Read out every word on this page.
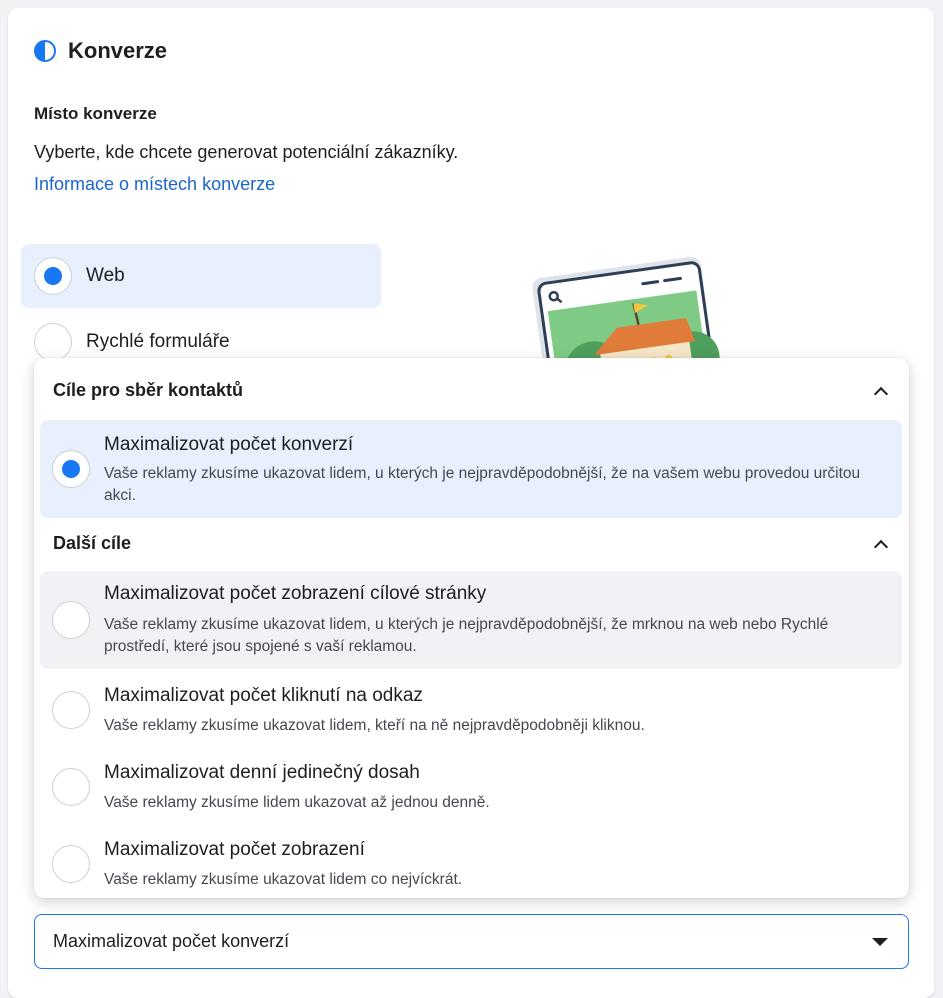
Konverze
Místo konverze
Vyberte, kde chcete generovat potenciální zákazníky.
Informace o místech konverze
Web
Rychlé formuláře
Cíle pro sběr kontaktů
Maximalizovat počet konverzí
Vaše reklamy zkusíme ukazovat lidem, u kterých je nejpravděpodobnější, že na vašem webu provedou určitou akci.
Další cíle
Maximalizovat počet zobrazení cílové stránky
Vaše reklamy zkusíme ukazovat lidem, u kterých je nejpravděpodobnější, že mrknou na web nebo Rychlé prostředí, které jsou spojené s vaší reklamou.
Maximalizovat počet kliknutí na odkaz
Vaše reklamy zkusíme ukazovat lidem, kteří na ně nejpravděpodobněji kliknou.
Maximalizovat denní jedinečný dosah
Vaše reklamy zkusíme lidem ukazovat až jednou denně.
Maximalizovat počet zobrazení
Vaše reklamy zkusíme ukazovat lidem co nejvíckrát.
Maximalizovat počet konverzí
